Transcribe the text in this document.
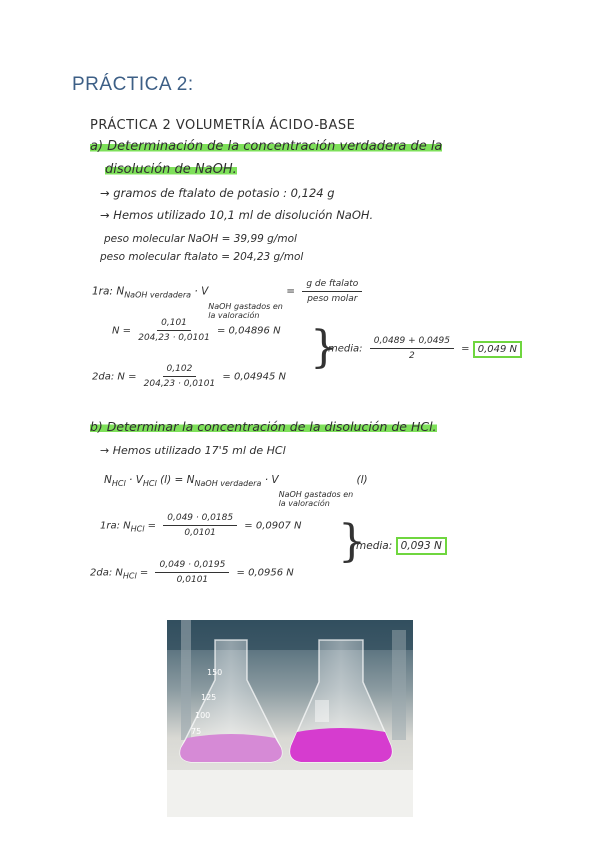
PRÁCTICA 2:
PRÁCTICA 2 VOLUMETRÍA ÁCIDO-BASE
a) Determinación de la concentración verdadera de la
disolución de NaOH.
→ gramos de ftalato de potasio : 0,124 g
→ Hemos utilizado 10,1 ml de disolución NaOH.
peso molecular NaOH = 39,99 g/mol
peso molecular ftalato = 204,23 g/mol
1ra: $N_{NaOH verdadera} \cdot V$
$_{NaOH gastados en la valoración}$
= $\frac{\text{g de ftalato}}{\text{peso molar}}$
$N = \frac{0,101}{204,23 \cdot 0,0101} = 0,04896$ N
2da: $N = \frac{0,102}{204,23 \cdot 0,0101} = 0,04945$ N
}
media: $\frac{0,0489 + 0,0495}{2} = 0,049$ N
b) Determinar la concentración de la disolución de HCl.
→ Hemos utilizado 17'5 ml de HCl
$N_{HCl} \cdot V_{HCl}$ $(l) = N_{NaOH verdadera} \cdot V$
$_{NaOH gastados en la valoración}$
(l)
1ra: $N_{HCl} = \frac{0,049 \cdot 0,0185}{0,0101} = 0,0907$ N
2da: $N_{HCl} = \frac{0,049 \cdot 0,0195}{0,0101} = 0,0956$ N
}
media: 0,093 N
150
125
100
75
